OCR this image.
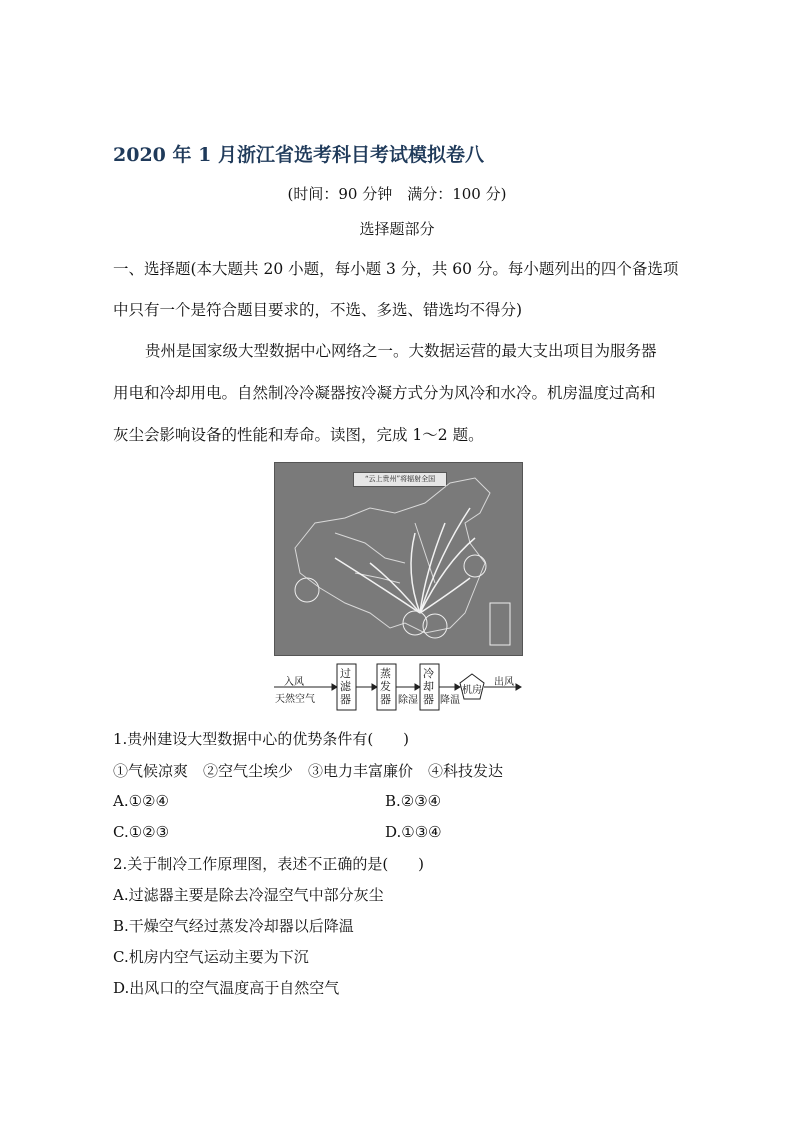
2020 年 1 月浙江省选考科目考试模拟卷八
(时间：90 分钟　满分：100 分)
选择题部分
一、选择题(本大题共 20 小题，每小题 3 分，共 60 分。每小题列出的四个备选项
中只有一个是符合题目要求的，不选、多选、错选均不得分)
贵州是国家级大型数据中心网络之一。大数据运营的最大支出项目为服务器
用电和冷却用电。自然制冷冷凝器按冷凝方式分为风冷和水冷。机房温度过高和
灰尘会影响设备的性能和寿命。读图，完成 1～2 题。
“云上贵州”将辐射全国
入风
天然空气
过滤器
蒸发器 除湿
冷却器 降温
机房
出风
1.贵州建设大型数据中心的优势条件有(　　)
①气候凉爽　②空气尘埃少　③电力丰富廉价　④科技发达
A.①②④	B.②③④
C.①②③	D.①③④
2.关于制冷工作原理图，表述不正确的是(　　)
A.过滤器主要是除去冷湿空气中部分灰尘
B.干燥空气经过蒸发冷却器以后降温
C.机房内空气运动主要为下沉
D.出风口的空气温度高于自然空气
